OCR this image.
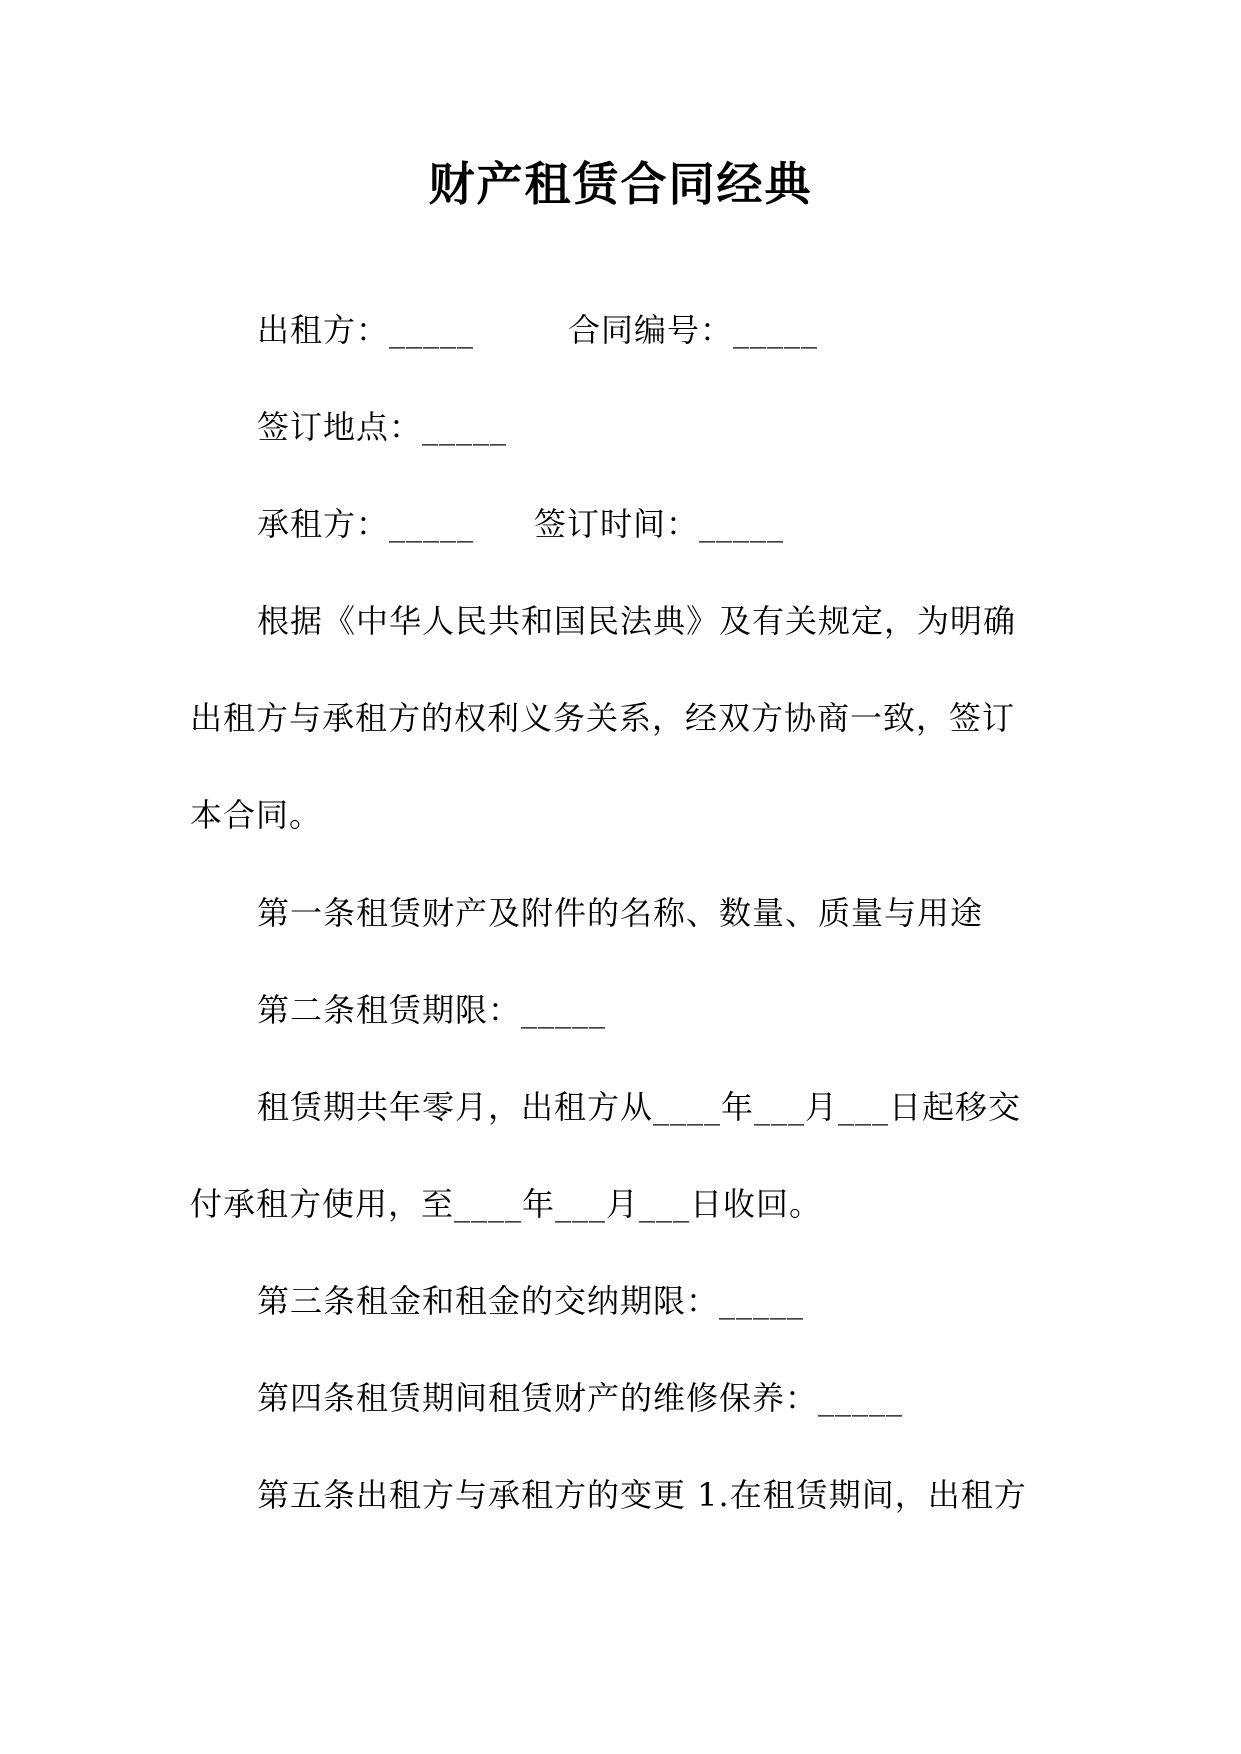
财产租赁合同经典
出租方：_____	合同编号：_____
签订地点：_____
承租方：_____ 签订时间：_____
根据《中华人民共和国民法典》及有关规定，为明确
出租方与承租方的权利义务关系，经双方协商一致，签订
本合同。
第一条租赁财产及附件的名称、数量、质量与用途
第二条租赁期限：_____
租赁期共年零月，出租方从____年___月___日起移交
付承租方使用，至____年___月___日收回。
第三条租金和租金的交纳期限：_____
第四条租赁期间租赁财产的维修保养：_____
第五条出租方与承租方的变更 1.在租赁期间，出租方
